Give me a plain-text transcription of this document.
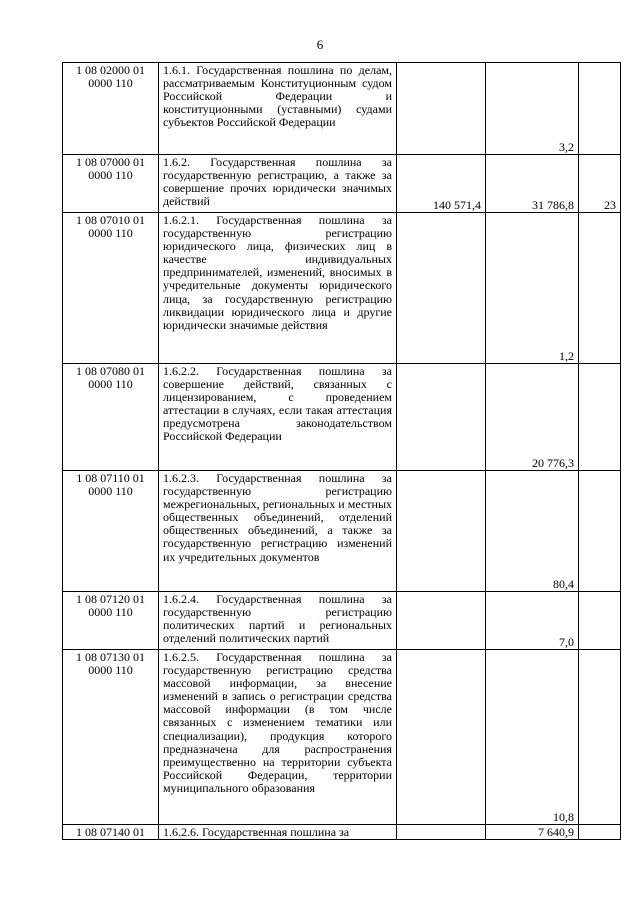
6
1 08 02000 01 0000 110	1.6.1. Государственная пошлина по делам, рассматриваемым Конституционным судом Российской Федерации и конституционными (уставными) судами субъектов Российской Федерации		3,2	
1 08 07000 01 0000 110	1.6.2. Государственная пошлина за государственную регистрацию, а также за совершение прочих юридически значимых действий	140 571,4	31 786,8	23
1 08 07010 01 0000 110	1.6.2.1. Государственная пошлина за государственную регистрацию юридического лица, физических лиц в качестве индивидуальных предпринимателей, изменений, вносимых в учредительные документы юридического лица, за государственную регистрацию ликвидации юридического лица и другие юридически значимые действия		1,2	
1 08 07080 01 0000 110	1.6.2.2. Государственная пошлина за совершение действий, связанных с лицензированием, с проведением аттестации в случаях, если такая аттестация предусмотрена законодательством Российской Федерации		20 776,3	
1 08 07110 01 0000 110	1.6.2.3. Государственная пошлина за государственную регистрацию межрегиональных, региональных и местных общественных объединений, отделений общественных объединений, а также за государственную регистрацию изменений их учредительных документов		80,4	
1 08 07120 01 0000 110	1.6.2.4. Государственная пошлина за государственную регистрацию политических партий и региональных отделений политических партий		7,0	
1 08 07130 01 0000 110	1.6.2.5. Государственная пошлина за государственную регистрацию средства массовой информации, за внесение изменений в запись о регистрации средства массовой информации (в том числе связанных с изменением тематики или специализации), продукция которого предназначена для распространения преимущественно на территории субъекта Российской Федерации, территории муниципального образования		10,8	
1 08 07140 01	1.6.2.6. Государственная пошлина за		7 640,9	
